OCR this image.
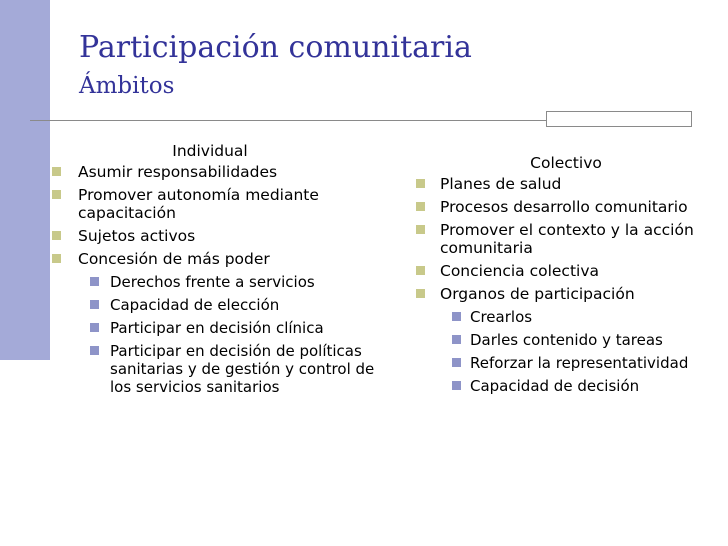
Participación comunitaria
Ámbitos
Individual
Asumir responsabilidades
Promover autonomía mediante capacitación
Sujetos activos
Concesión de más poder
Derechos frente a servicios
Capacidad de elección
Participar en decisión clínica
Participar en decisión de políticas sanitarias y de gestión y control de los servicios sanitarios
Colectivo
Planes de salud
Procesos desarrollo comunitario
Promover el contexto y la acción comunitaria
Conciencia colectiva
Organos de participación
Crearlos
Darles contenido y tareas
Reforzar la representatividad
Capacidad de decisión
